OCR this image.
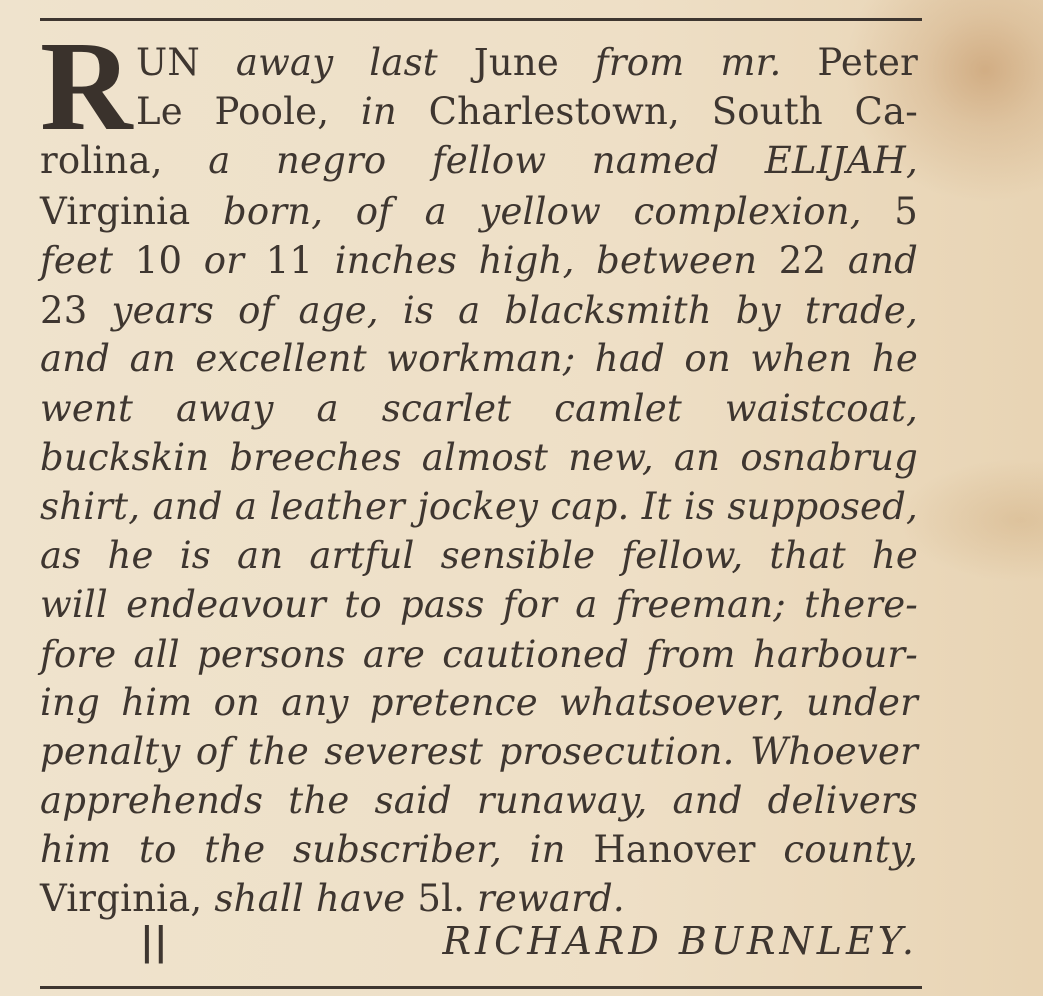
R UN away last June from mr. Peter
Le Poole, in Charlestown, South Ca-
rolina, a negro fellow named ELIJAH,
Virginia born, of a yellow complexion, 5
feet 10 or 11 inches high, between 22 and
23 years of age, is a blacksmith by trade,
and an excellent workman; had on when he
went away a scarlet camlet waistcoat,
buckskin breeches almost new, an osnabrug
shirt, and a leather jockey cap. It is supposed,
as he is an artful sensible fellow, that he
will endeavour to pass for a freeman; there-
fore all persons are cautioned from harbour-
ing him on any pretence whatsoever, under
penalty of the severest prosecution. Whoever
apprehends the said runaway, and delivers
him to the subscriber, in Hanover county,
Virginia, shall have 5l. reward.
||	RICHARD BURNLEY.
